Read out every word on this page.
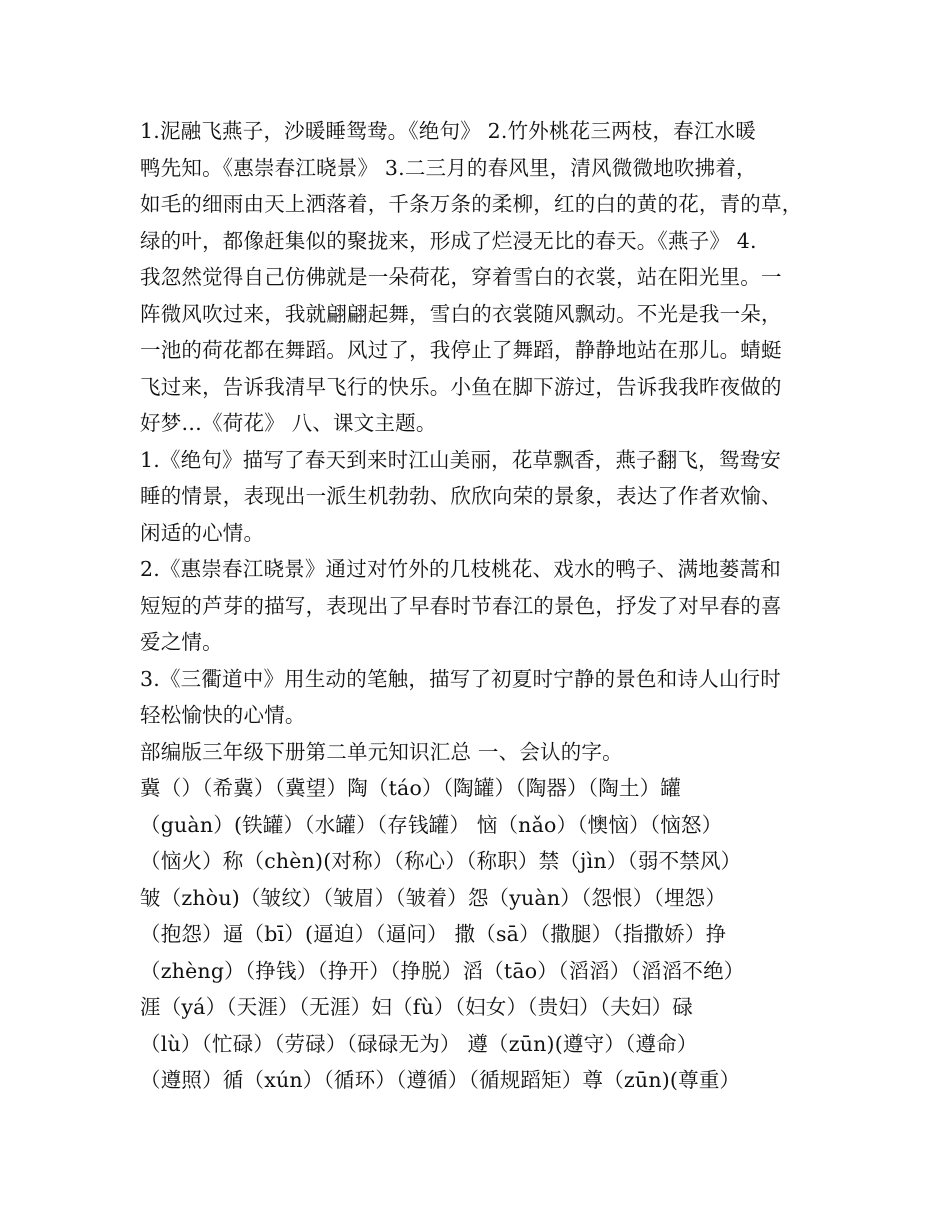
1.泥融飞燕子，沙暖睡鸳鸯。《绝句》 2.竹外桃花三两枝，春江水暖
鸭先知。《惠崇春江晓景》 3.二三月的春风里，清风微微地吹拂着，
如毛的细雨由天上洒落着，千条万条的柔柳，红的白的黄的花，青的草，
绿的叶，都像赶集似的聚拢来，形成了烂浸无比的春天。《燕子》 4.
我忽然觉得自己仿佛就是一朵荷花，穿着雪白的衣裳，站在阳光里。一
阵微风吹过来，我就翩翩起舞，雪白的衣裳随风飘动。不光是我一朵，
一池的荷花都在舞蹈。风过了，我停止了舞蹈，静静地站在那儿。蜻蜓
飞过来，告诉我清早飞行的快乐。小鱼在脚下游过，告诉我我昨夜做的
好梦…《荷花》 八、课文主题。
1.《绝句》描写了春天到来时江山美丽，花草飘香，燕子翻飞，鸳鸯安
睡的情景，表现出一派生机勃勃、欣欣向荣的景象，表达了作者欢愉、
闲适的心情。
2.《惠崇春江晓景》通过对竹外的几枝桃花、戏水的鸭子、满地蒌蒿和
短短的芦芽的描写，表现出了早春时节春江的景色，抒发了对早春的喜
爱之情。
3.《三衢道中》用生动的笔触，描写了初夏时宁静的景色和诗人山行时
轻松愉快的心情。
部编版三年级下册第二单元知识汇总 一、会认的字。
冀（）（希冀）（冀望）陶（táo）（陶罐）（陶器）（陶土）罐
（guàn）(铁罐）（水罐）（存钱罐） 恼（nǎo）（懊恼）（恼怒）
（恼火）称（chèn)(对称）（称心）（称职）禁（jìn）（弱不禁风）
皱（zhòu)（皱纹）（皱眉）（皱着）怨（yuàn）（怨恨）（埋怨）
（抱怨）逼（bī）(逼迫）（逼问） 撒（sā）（撒腿）（指撒娇）挣
（zhèng）（挣钱）（挣开）（挣脱）滔（tāo）（滔滔）（滔滔不绝）
涯（yá）（天涯）（无涯）妇（fù）（妇女）（贵妇）（夫妇）碌
（lù）（忙碌）（劳碌）（碌碌无为） 遵（zūn)(遵守）（遵命）
（遵照）循（xún）（循环）（遵循）（循规蹈矩）尊（zūn)(尊重）
